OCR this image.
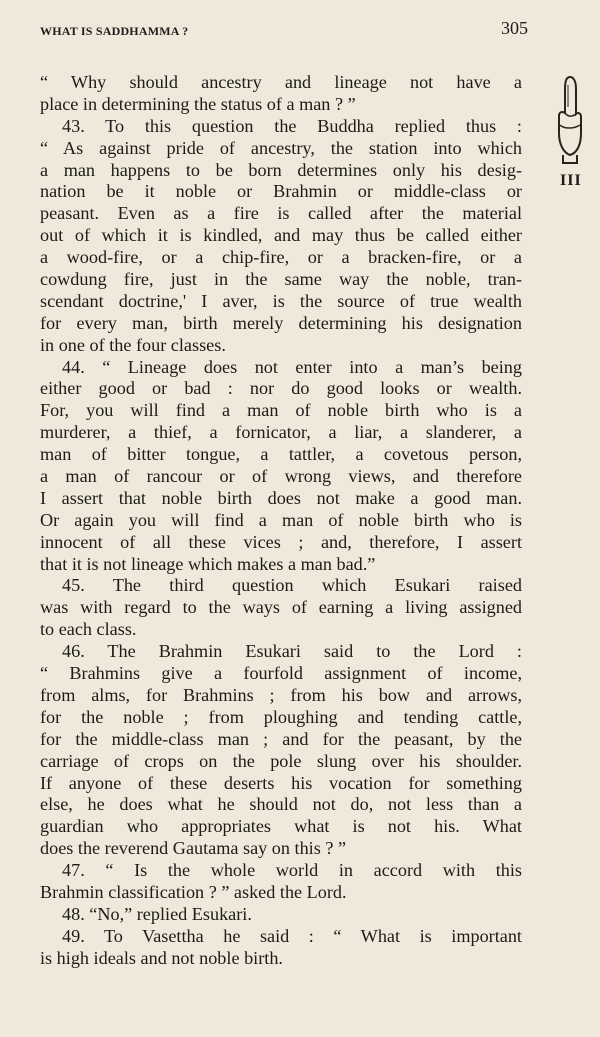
WHAT IS SADDHAMMA ?	305
III
“ Why should ancestry and lineage not have a
place in determining the status of a man ? ”
43. To this question the Buddha replied thus :
“ As against pride of ancestry, the station into which
a man happens to be born determines only his desig-
nation be it noble or Brahmin or middle-class or
peasant. Even as a fire is called after the material
out of which it is kindled, and may thus be called either
a wood-fire, or a chip-fire, or a bracken-fire, or a
cowdung fire, just in the same way the noble, tran-
scendant doctrine,' I aver, is the source of true wealth
for every man, birth merely determining his designation
in one of the four classes.
44. “ Lineage does not enter into a man’s being
either good or bad : nor do good looks or wealth.
For, you will find a man of noble birth who is a
murderer, a thief, a fornicator, a liar, a slanderer, a
man of bitter tongue, a tattler, a covetous person,
a man of rancour or of wrong views, and therefore
I assert that noble birth does not make a good man.
Or again you will find a man of noble birth who is
innocent of all these vices ; and, therefore, I assert
that it is not lineage which makes a man bad.”
45. The third question which Esukari raised
was with regard to the ways of earning a living assigned
to each class.
46. The Brahmin Esukari said to the Lord :
“ Brahmins give a fourfold assignment of income,
from alms, for Brahmins ; from his bow and arrows,
for the noble ; from ploughing and tending cattle,
for the middle-class man ; and for the peasant, by the
carriage of crops on the pole slung over his shoulder.
If anyone of these deserts his vocation for something
else, he does what he should not do, not less than a
guardian who appropriates what is not his. What
does the reverend Gautama say on this ? ”
47. “ Is the whole world in accord with this
Brahmin classification ? ” asked the Lord.
48. “No,” replied Esukari.
49. To Vasettha he said : “ What is important
is high ideals and not noble birth.
